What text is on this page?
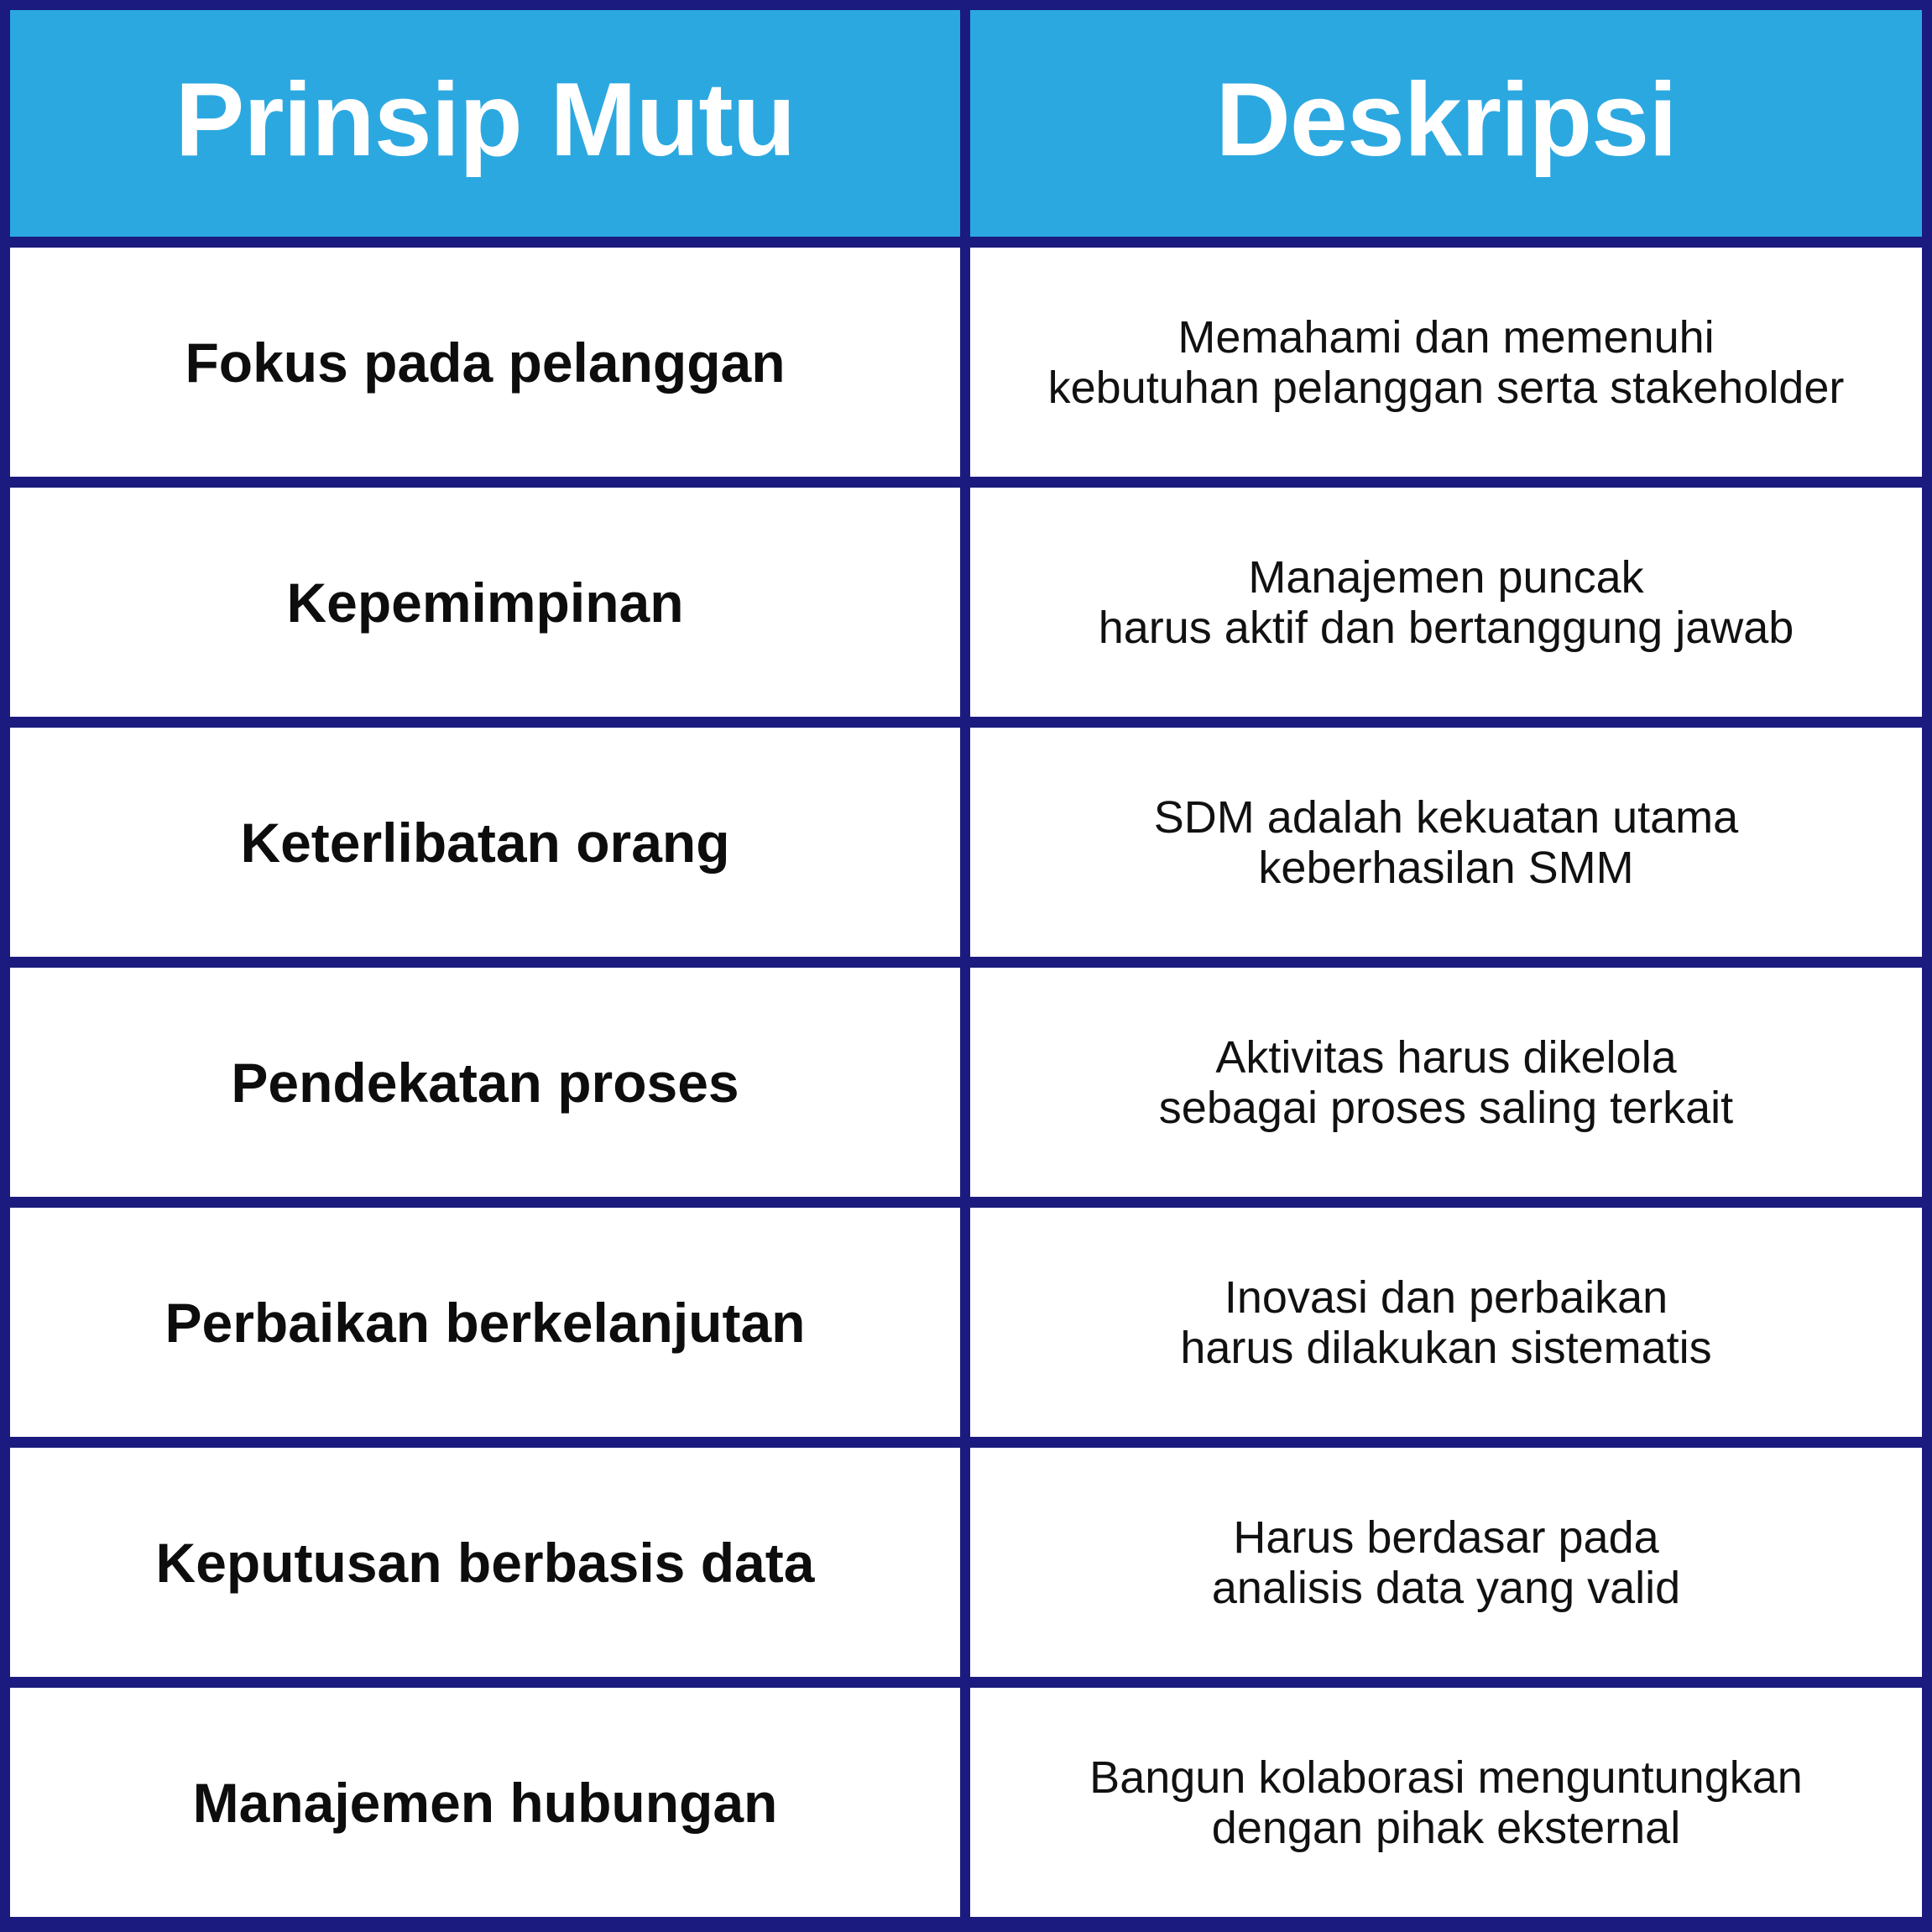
Prinsip Mutu	Deskripsi
Fokus pada pelanggan	Memahami dan memenuhi
kebutuhan pelanggan serta stakeholder
Kepemimpinan	Manajemen puncak
harus aktif dan bertanggung jawab
Keterlibatan orang	SDM adalah kekuatan utama
keberhasilan SMM
Pendekatan proses	Aktivitas harus dikelola
sebagai proses saling terkait
Perbaikan berkelanjutan	Inovasi dan perbaikan
harus dilakukan sistematis
Keputusan berbasis data	Harus berdasar pada
analisis data yang valid
Manajemen hubungan	Bangun kolaborasi menguntungkan
dengan pihak eksternal
